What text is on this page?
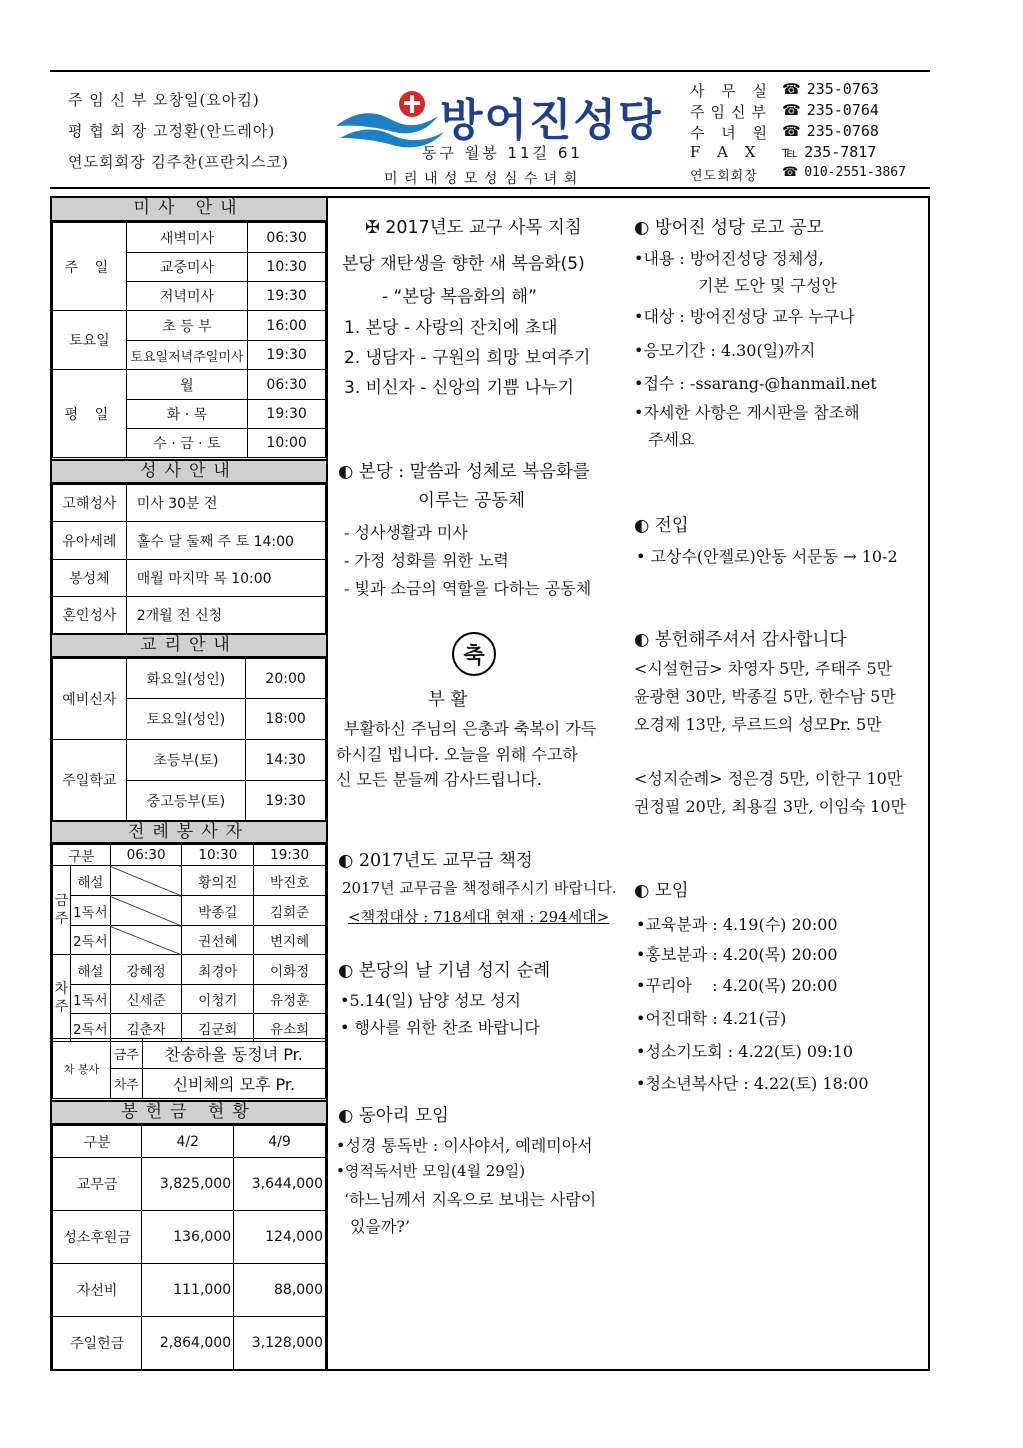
주 임 신 부 오창일(요아킴)
평 협 회 장 고정환(안드레아)
연도회회장 김주찬(프란치스코)
방어진성당
동구 월봉 11길 61
미 리 내 성 모 성 심 수 녀 회
사 무 실 ☎ 235-0763
주임신부 ☎ 235-0764
수 녀 원 ☎ 235-0768
F A X	℡ 235-7817
연도회회장	☎ 010-2551-3867
미사 안내
주 일	새벽미사	06:30
	교중미사	10:30
	저녁미사	19:30
토요일	초 등 부	16:00
	토요일저녁주일미사	19:30
평 일	월	06:30
	화 · 목	19:30
	수 · 금 · 토	10:00
성사안내
고해성사	미사 30분 전
유아세례	홀수 달 둘째 주 토 14:00
봉성체	매월 마지막 목 10:00
혼인성사	2개월 전 신청
교리안내
예비신자	화요일(성인)	20:00
	토요일(성인)	18:00
주일학교	초등부(토)	14:30
	중고등부(토)	19:30
전례봉사자
구분		06:30	10:30	19:30
금 주	해설		황의진	박진호
	1독서		박종길	김회준
	2독서		권선혜	변지혜
차 주	해설	강혜정	최경아	이화정
	1독서	신세준	이청기	유정훈
	2독서	김춘자	김군회	유소희
차 봉사	금주	찬송하올 동정녀 Pr.
	차주	신비체의 모후 Pr.
봉헌금 현황
구분	4/2	4/9
교무금	3,825,000	3,644,000
성소후원금	136,000	124,000
자선비	111,000	88,000
주일헌금	2,864,000	3,128,000
✠ 2017년도 교구 사목 지침
본당 재탄생을 향한 새 복음화(5)
- “본당 복음화의 해”
1. 본당 - 사랑의 잔치에 초대
2. 냉담자 - 구원의 희망 보여주기
3. 비신자 - 신앙의 기쁨 나누기
◐ 본당 : 말씀과 성체로 복음화를
이루는 공동체
- 성사생활과 미사
- 가정 성화를 위한 노력
- 빛과 소금의 역할을 다하는 공동체
축
부 활
부활하신 주님의 은총과 축복이 가득
하시길 빕니다. 오늘을 위해 수고하
신 모든 분들께 감사드립니다.
◐ 2017년도 교무금 책정
2017년 교무금을 책정해주시기 바랍니다.
<책정대상 : 718세대 현재 : 294세대>
◐ 본당의 날 기념 성지 순례
•5.14(일) 남양 성모 성지
• 행사를 위한 찬조 바랍니다
◐ 동아리 모임
•성경 통독반 : 이사야서, 예레미아서
•영적독서반 모임(4월 29일)
‘하느님께서 지옥으로 보내는 사람이
있을까?’
◐ 방어진 성당 로고 공모
•내용 : 방어진성당 정체성,
기본 도안 및 구성안
•대상 : 방어진성당 교우 누구나
•응모기간 : 4.30(일)까지
•접수 : -ssarang-@hanmail.net
•자세한 사항은 게시판을 참조해
주세요
◐ 전입
• 고상수(안젤로)안동 서문동 → 10-2
◐ 봉헌해주셔서 감사합니다
<시설헌금> 차영자 5만, 주태주 5만
윤광현 30만, 박종길 5만, 한수남 5만
오경제 13만, 루르드의 성모Pr. 5만
<성지순례> 정은경 5만, 이한구 10만
권정필 20만, 최용길 3만, 이임숙 10만
◐ 모임
•교육분과 : 4.19(수) 20:00
•홍보분과 : 4.20(목) 20:00
•꾸리아    : 4.20(목) 20:00
•어진대학 : 4.21(금)
•성소기도회 : 4.22(토) 09:10
•청소년복사단 : 4.22(토) 18:00
